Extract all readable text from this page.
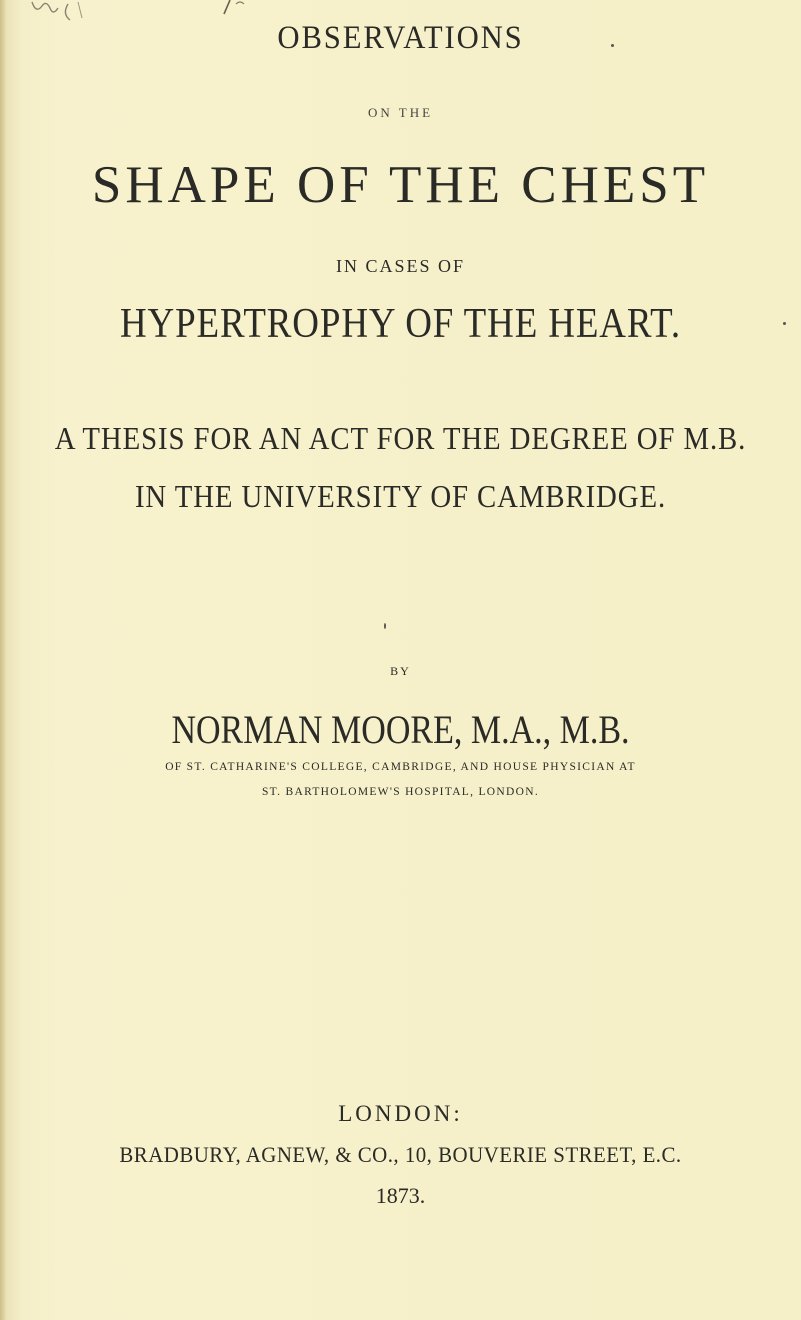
OBSERVATIONS
ON THE
SHAPE OF THE CHEST
IN CASES OF
HYPERTROPHY OF THE HEART.
A THESIS FOR AN ACT FOR THE DEGREE OF M.B.
IN THE UNIVERSITY OF CAMBRIDGE.
BY
NORMAN MOORE, M.A., M.B.
OF ST. CATHARINE'S COLLEGE, CAMBRIDGE, AND HOUSE PHYSICIAN AT
ST. BARTHOLOMEW'S HOSPITAL, LONDON.
LONDON:
BRADBURY, AGNEW, & CO., 10, BOUVERIE STREET, E.C.
1873.
